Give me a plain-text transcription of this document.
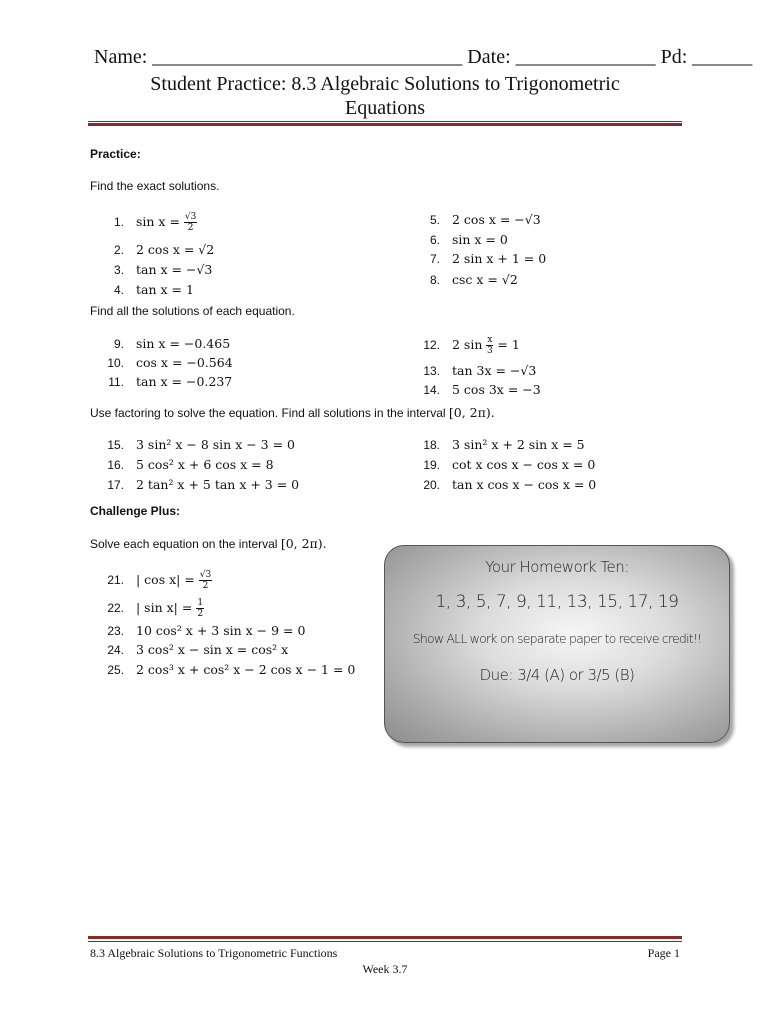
Name: _______________________________ Date: ______________ Pd: ______
Student Practice: 8.3 Algebraic Solutions to Trigonometric
Equations
Practice:
Find the exact solutions.
1. $\sin x = \frac{√3}{2}$
2. 2 cos x = √2
3. tan x = −√3
4. tan x = 1
5. 2 cos x = −√3
6. sin x = 0
7. 2 sin x + 1 = 0
8. csc x = √2
Find all the solutions of each equation.
9. sin x = −0.465
10. cos x = −0.564
11. tan x = −0.237
12. 2 $\sin \frac{x}{3} = 1$
13. tan 3x = −√3
14. 5 cos 3x = −3
Use factoring to solve the equation. Find all solutions in the interval [0, 2π).
15. 3 sin² x − 8 sin x − 3 = 0
16. 5 cos² x + 6 cos x = 8
17. 2 tan² x + 5 tan x + 3 = 0
18. 3 sin² x + 2 sin x = 5
19. cot x cos x − cos x = 0
20. tan x cos x − cos x = 0
Challenge Plus:
Solve each equation on the interval [0, 2π).
21. | $\cos x| = \frac{√3}{2}$
22. | $\sin x| = \frac{1}{2}$
23. 10 cos² x + 3 sin x − 9 = 0
24. 3 cos² x − sin x = cos² x
25. 2 cos³ x + cos² x − 2 cos x − 1 = 0
Your Homework Ten:
1, 3, 5, 7, 9, 11, 13, 15, 17, 19
Show ALL work on separate paper to receive credit!!
Due: 3/4 (A) or 3/5 (B)
8.3 Algebraic Solutions to Trigonometric Functions	Page 1
Week 3.7
